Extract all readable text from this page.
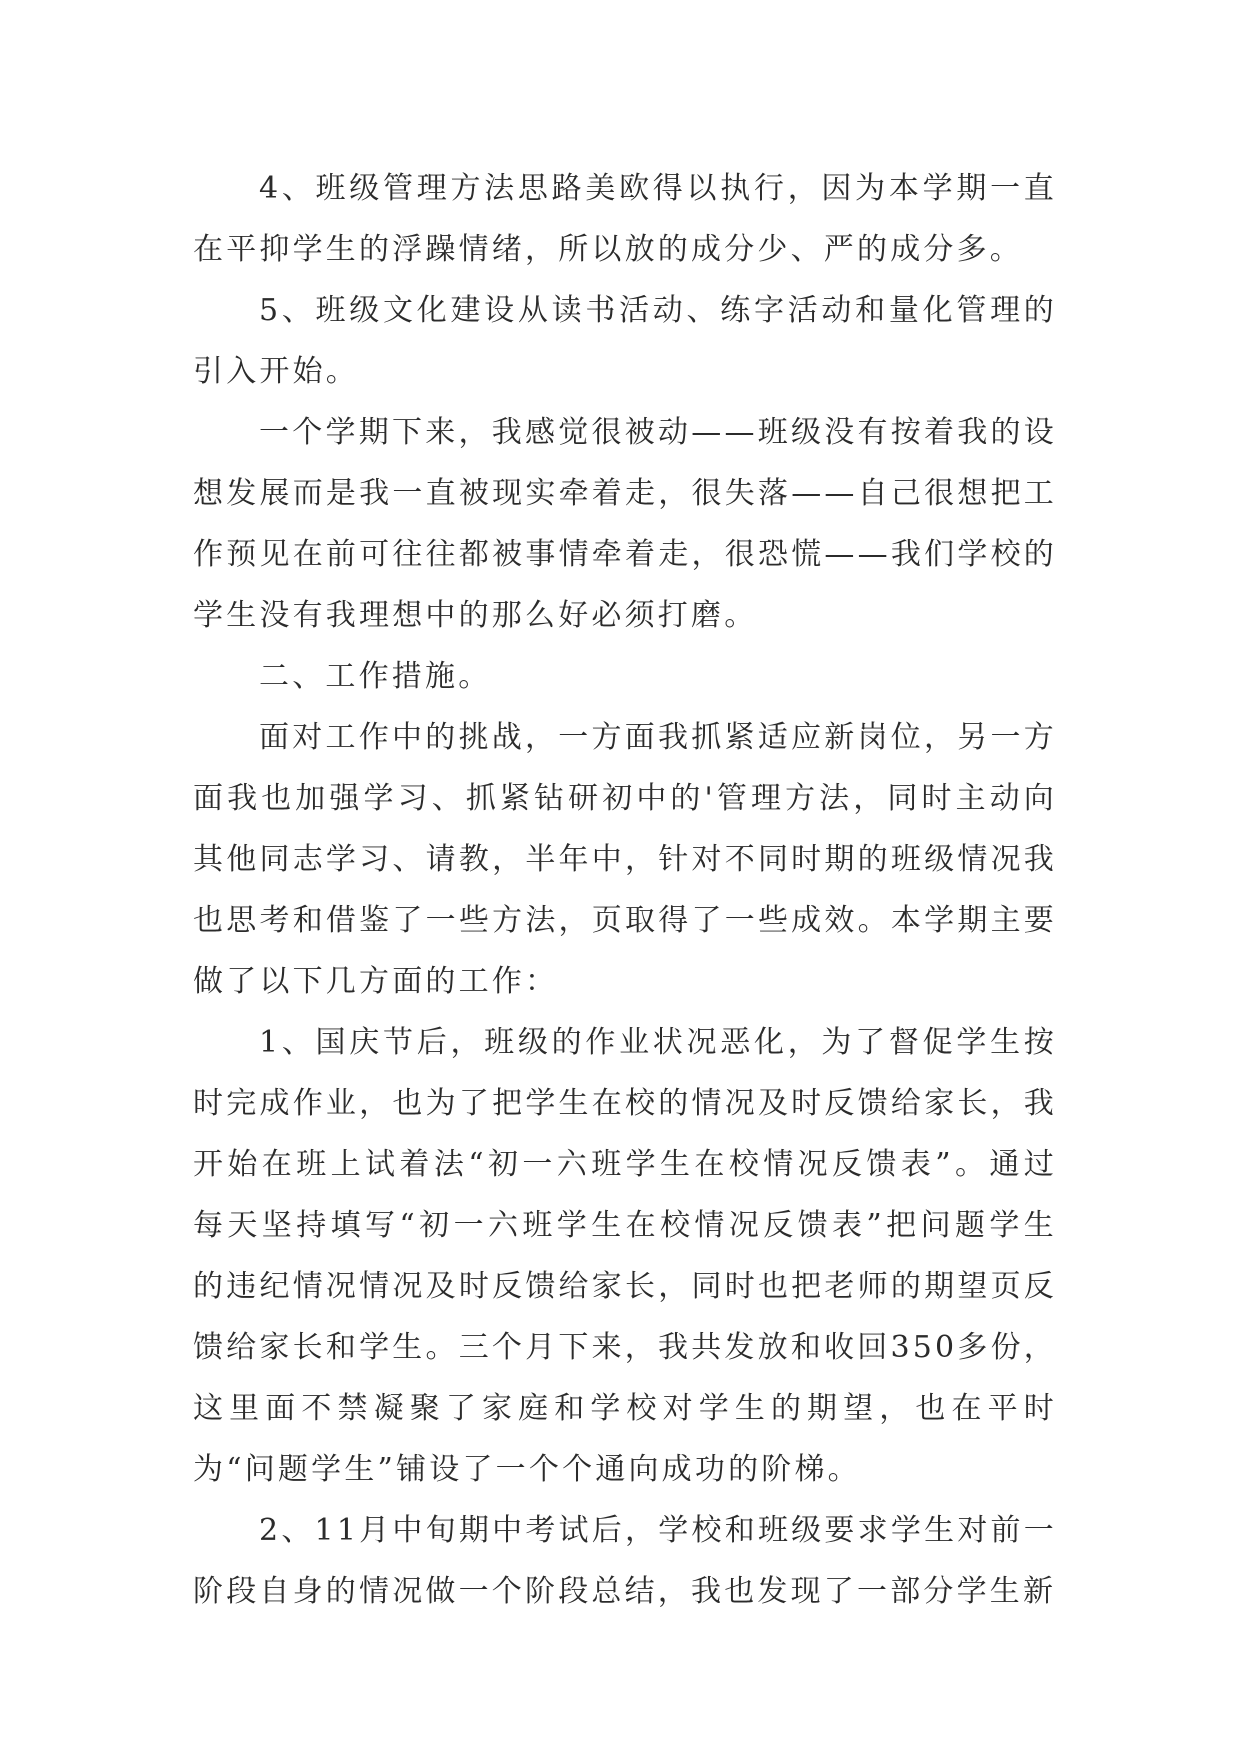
4、班级管理方法思路美欧得以执行，因为本学期一直在平抑学生的浮躁情绪，所以放的成分少、严的成分多。

5、班级文化建设从读书活动、练字活动和量化管理的引入开始。

一个学期下来，我感觉很被动——班级没有按着我的设想发展而是我一直被现实牵着走，很失落——自己很想把工作预见在前可往往都被事情牵着走，很恐慌——我们学校的学生没有我理想中的那么好必须打磨。

二、工作措施。

面对工作中的挑战，一方面我抓紧适应新岗位，另一方面我也加强学习、抓紧钻研初中的'管理方法，同时主动向其他同志学习、请教，半年中，针对不同时期的班级情况我也思考和借鉴了一些方法，页取得了一些成效。本学期主要做了以下几方面的工作：

1、国庆节后，班级的作业状况恶化，为了督促学生按时完成作业，也为了把学生在校的情况及时反馈给家长，我开始在班上试着法“初一六班学生在校情况反馈表”。通过每天坚持填写“初一六班学生在校情况反馈表”把问题学生的违纪情况情况及时反馈给家长，同时也把老师的期望页反馈给家长和学生。三个月下来，我共发放和收回350多份，这里面不禁凝聚了家庭和学校对学生的期望，也在平时为“问题学生”铺设了一个个通向成功的阶梯。

2、11月中旬期中考试后，学校和班级要求学生对前一阶段自身的情况做一个阶段总结，我也发现了一部分学生新
